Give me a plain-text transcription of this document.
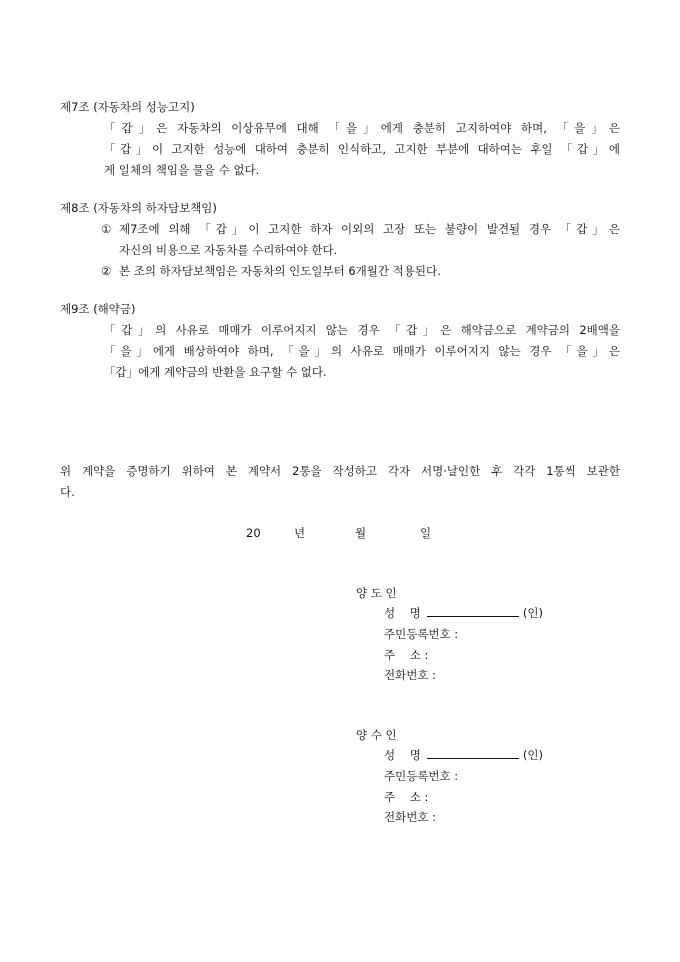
제7조 (자동차의 성능고지)
「갑」은 자동차의 이상유무에 대해 「을」에게 충분히 고지하여야 하며, 「을」은
「갑」이 고지한 성능에 대하여 충분히 인식하고, 고지한 부분에 대하여는 후일 「갑」에
게 일체의 책임을 물을 수 없다.
제8조 (자동차의 하자담보책임)
① 제7조에 의해 「갑」이 고지한 하자 이외의 고장 또는 불량이 발견될 경우 「갑」은
자신의 비용으로 자동차를 수리하여야 한다.
② 본 조의 하자담보책임은 자동차의 인도일부터 6개월간 적용된다.
제9조 (해약금)
「갑」의 사유로 매매가 이루어지지 않는 경우 「갑」은 해약금으로 계약금의 2배액을
「을」에게 배상하여야 하며, 「을」의 사유로 매매가 이루어지지 않는 경우 「을」은
「갑」에게 계약금의 반환을 요구할 수 없다.
위 계약을 증명하기 위하여 본 계약서 2통을 작성하고 각자 서명·날인한 후 각각 1통씩 보관한
다.
20	년	월	일
양 도 인
성    명	(인)
주민등록번호 :
주    소 :
전화번호 :
양 수 인
성    명	(인)
주민등록번호 :
주    소 :
전화번호 :
